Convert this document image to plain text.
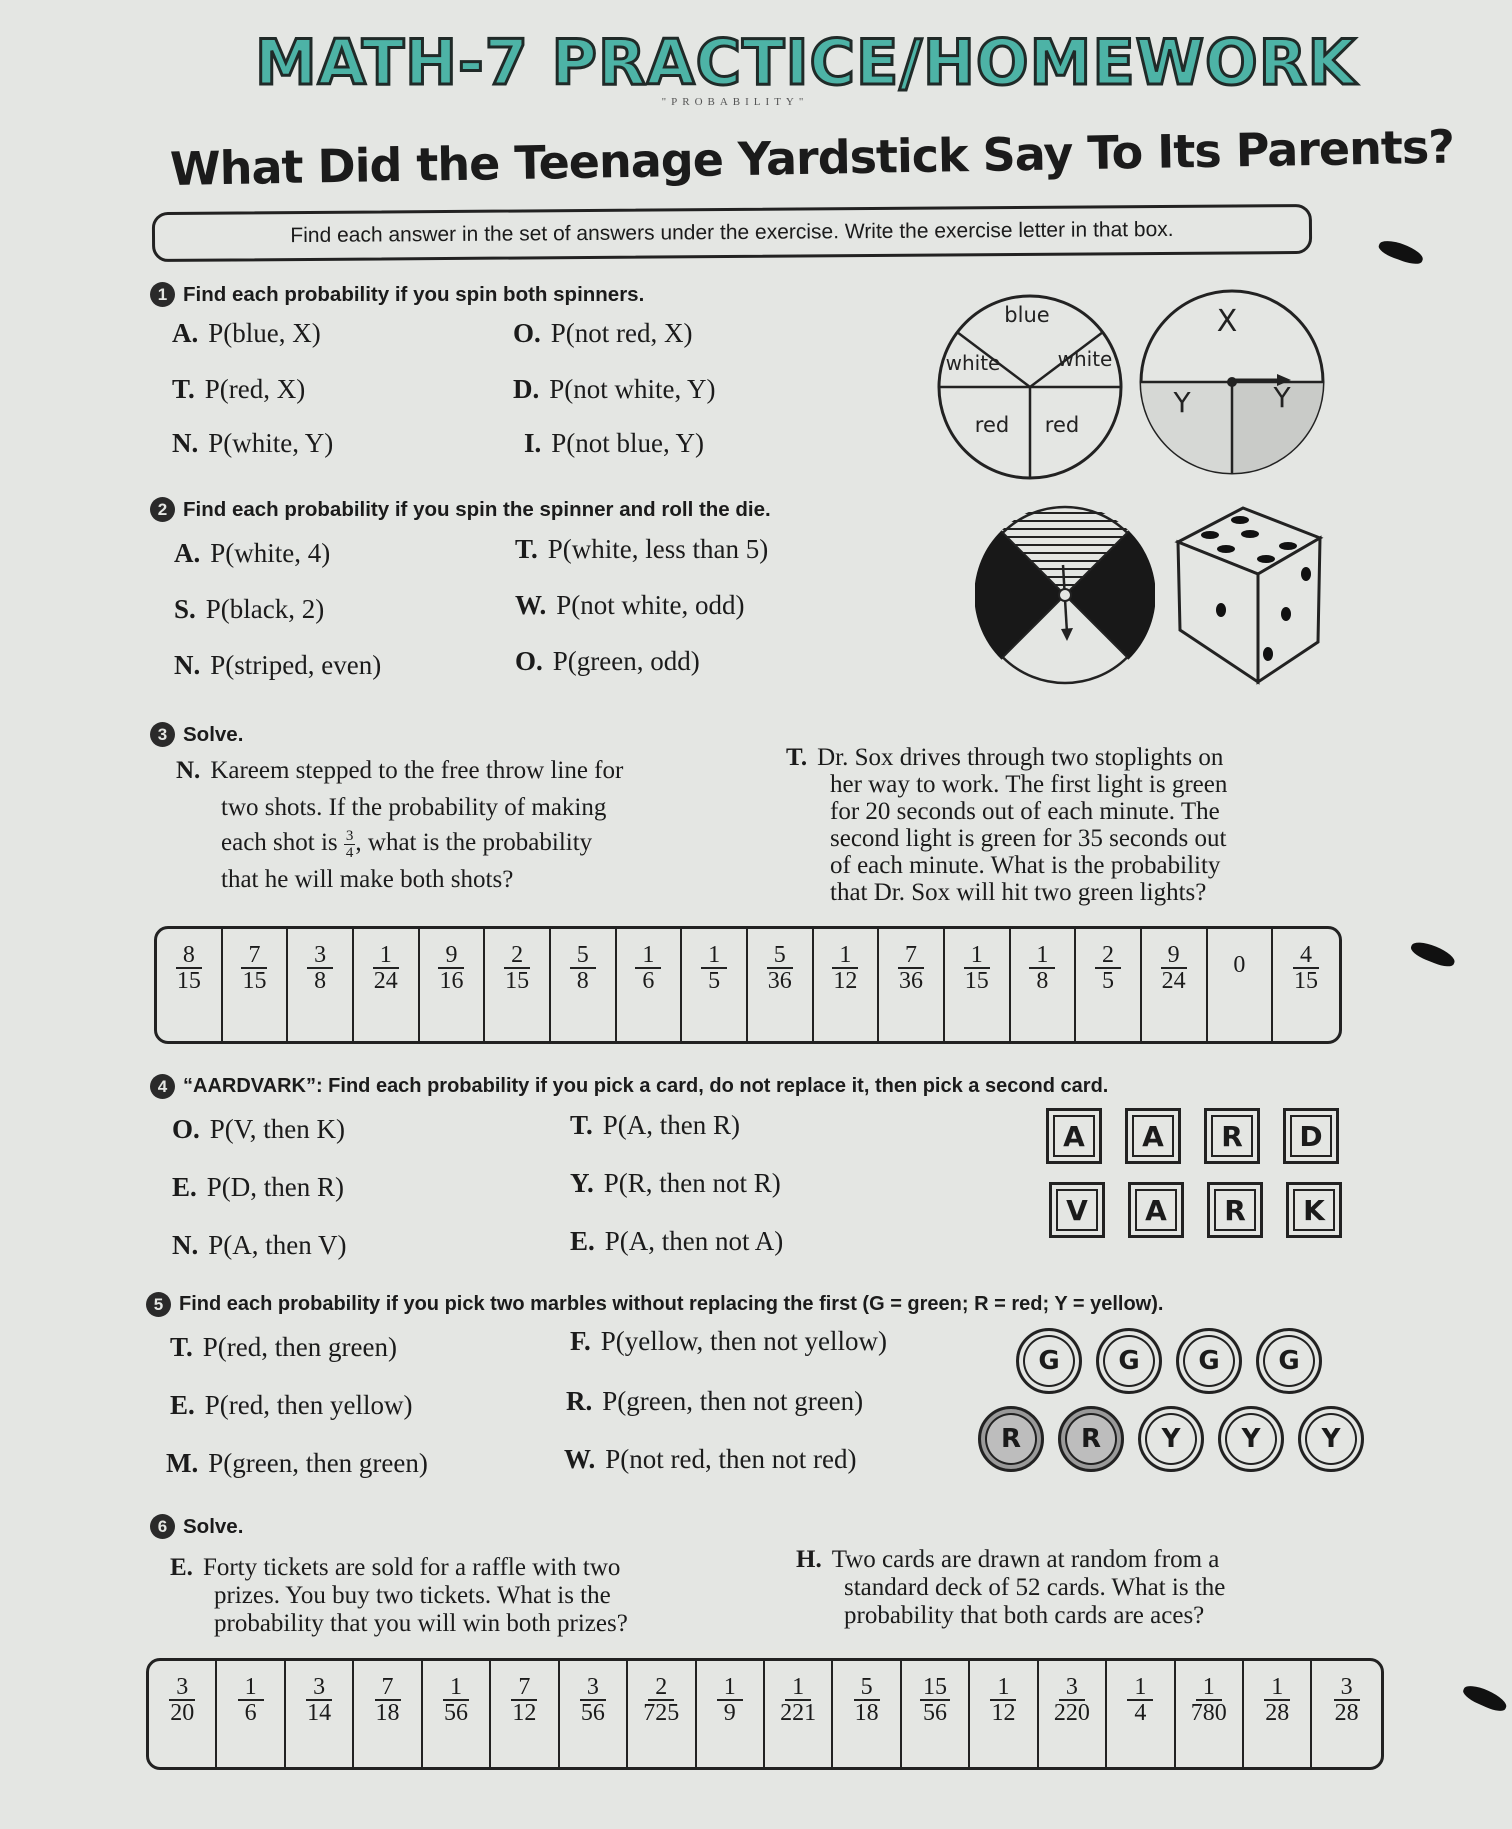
MATH-7 PRACTICE/HOMEWORK
"PROBABILITY"
What Did the Teenage Yardstick Say To Its Parents?
Find each answer in the set of answers under the exercise. Write the exercise letter in that box.
1 Find each probability if you spin both spinners.
A. P(blue, X)	O. P(not red, X)
T. P(red, X)	D. P(not white, Y)
N. P(white, Y)	I. P(not blue, Y)
blue
white	white
red red
X
Y	Y
2 Find each probability if you spin the spinner and roll the die.
A. P(white, 4)	T. P(white, less than 5)
S. P(black, 2)	W. P(not white, odd)
N. P(striped, even)	O. P(green, odd)
3 Solve.
N. Kareem stepped to the free throw line for
two shots. If the probability of making
each shot is $\frac{3}{4}$ , what is the probability
that he will make both shots?
T. Dr. Sox drives through two stoplights on
her way to work. The first light is green
for 20 seconds out of each minute. The
second light is green for 35 seconds out
of each minute. What is the probability
that Dr. Sox will hit two green lights?
$\frac{8}{15} \frac{7}{15} \frac{3}{8} \frac{1}{24} \frac{9}{16} \frac{2}{15} \frac{5}{8} \frac{1}{6} \frac{1}{5} \frac{5}{36} \frac{1}{12} \frac{7}{36} \frac{1}{15} \frac{1}{8} \frac{2}{5} \frac{9}{24} 0 \frac{4}{15}$
4 “AARDVARK”: Find each probability if you pick a card, do not replace it, then pick a second card.
O. P(V, then K)	T. P(A, then R)
E. P(D, then R)	Y. P(R, then not R)
N. P(A, then V)	E. P(A, then not A)
A	A	R	D
V	A	R	K
5 Find each probability if you pick two marbles without replacing the first (G = green; R = red; Y = yellow).
T. P(red, then green)	F. P(yellow, then not yellow)
E. P(red, then yellow)	R. P(green, then not green)
M. P(green, then green)	W. P(not red, then not red)
G	G	G	G
R	R	Y	Y	Y
6 Solve.
E. Forty tickets are sold for a raffle with two
prizes. You buy two tickets. What is the
probability that you will win both prizes?
H. Two cards are drawn at random from a
standard deck of 52 cards. What is the
probability that both cards are aces?
$\frac{3}{20} \frac{1}{6} \frac{3}{14} \frac{7}{18} \frac{1}{56} \frac{7}{12} \frac{3}{56} \frac{2}{725} \frac{1}{9} \frac{1}{221} \frac{5}{18} \frac{15}{56} \frac{1}{12} \frac{3}{220} \frac{1}{4} \frac{1}{780} \frac{1}{28} \frac{3}{28}$
